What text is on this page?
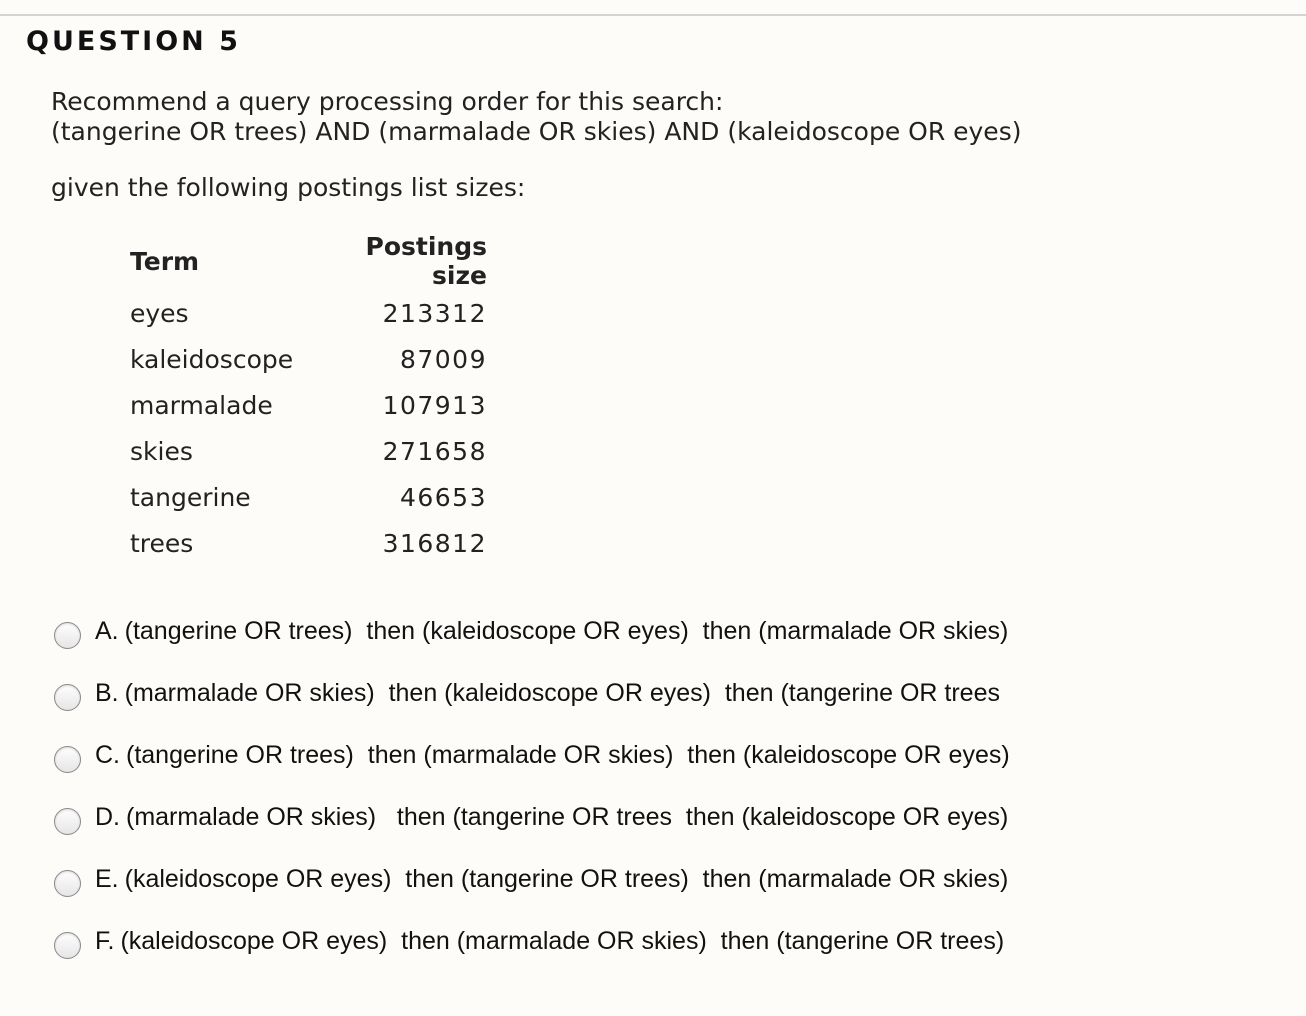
QUESTION 5
Recommend a query processing order for this search:
(tangerine OR trees) AND (marmalade OR skies) AND (kaleidoscope OR eyes)

given the following postings list sizes:

Term	Postings size
eyes	213312
kaleidoscope	87009
marmalade	107913
skies	271658
tangerine	46653
trees	316812
A. (tangerine OR trees)  then (kaleidoscope OR eyes)  then (marmalade OR skies)
B. (marmalade OR skies)  then (kaleidoscope OR eyes)  then (tangerine OR trees
C. (tangerine OR trees)  then (marmalade OR skies)  then (kaleidoscope OR eyes)
D. (marmalade OR skies)   then (tangerine OR trees  then (kaleidoscope OR eyes)
E. (kaleidoscope OR eyes)  then (tangerine OR trees)  then (marmalade OR skies)
F. (kaleidoscope OR eyes)  then (marmalade OR skies)  then (tangerine OR trees)
